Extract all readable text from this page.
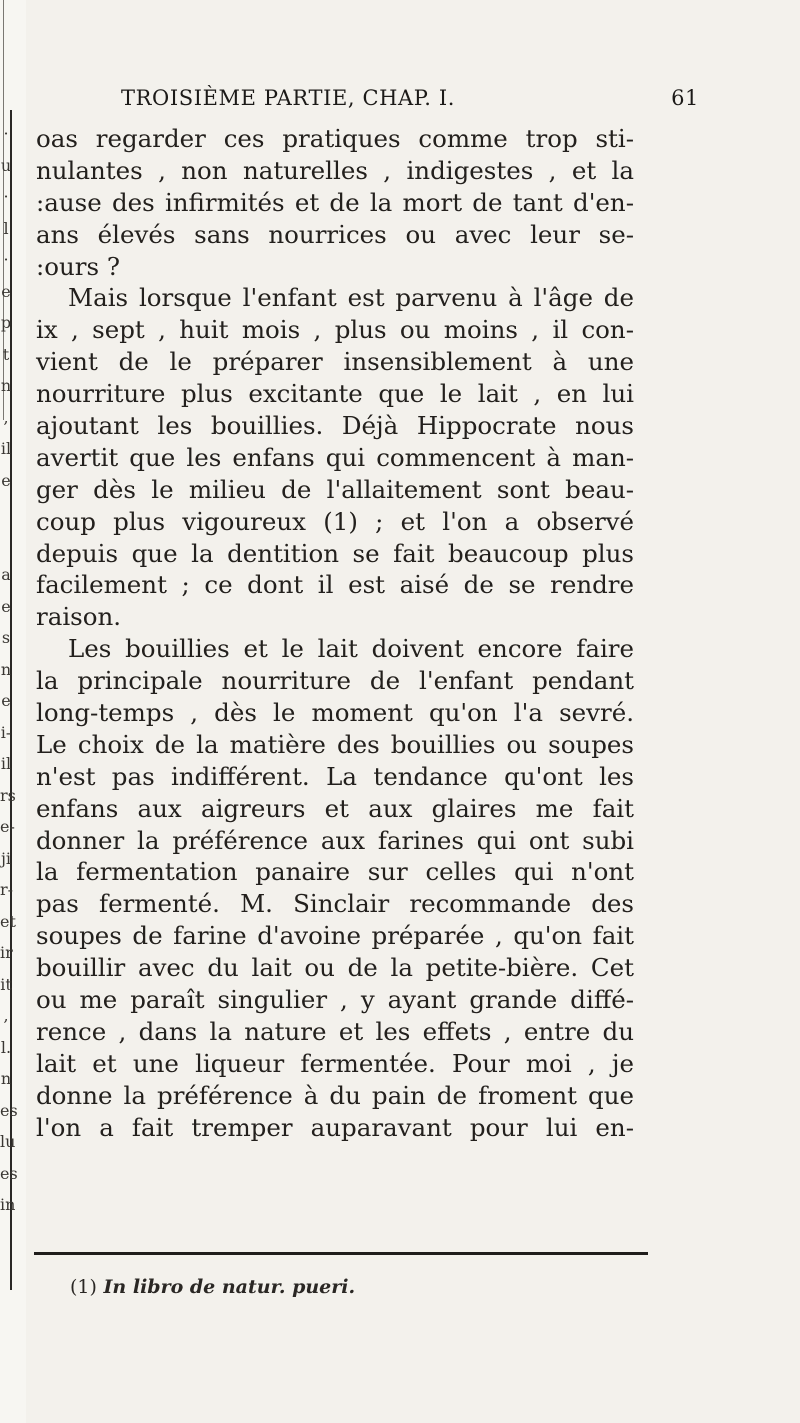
·
u
·
l
·
e
p
t
n
,
il
e
a
e
s
n
e
i-
il
rs
e-
ji
r-
et
ir
it
,
l.
n
es
lu
es
in
TROISIÈME PARTIE, CHAP. I.	61
oas regarder ces pratiques comme trop sti-
nulantes , non naturelles , indigestes , et la
:ause des infirmités et de la mort de tant d'en-
ans élevés sans nourrices ou avec leur se-
:ours ?
Mais lorsque l'enfant est parvenu à l'âge de
ix , sept , huit mois , plus ou moins , il con-
vient de le préparer insensiblement à une
nourriture plus excitante que le lait , en lui
ajoutant les bouillies. Déjà Hippocrate nous
avertit que les enfans qui commencent à man-
ger dès le milieu de l'allaitement sont beau-
coup plus vigoureux (1) ; et l'on a observé
depuis que la dentition se fait beaucoup plus
facilement ; ce dont il est aisé de se rendre
raison.
Les bouillies et le lait doivent encore faire
la principale nourriture de l'enfant pendant
long-temps , dès le moment qu'on l'a sevré.
Le choix de la matière des bouillies ou soupes
n'est pas indifférent. La tendance qu'ont les
enfans aux aigreurs et aux glaires me fait
donner la préférence aux farines qui ont subi
la fermentation panaire sur celles qui n'ont
pas fermenté. M. Sinclair recommande des
soupes de farine d'avoine préparée , qu'on fait
bouillir avec du lait ou de la petite-bière. Cet
ou me paraît singulier , y ayant grande diffé-
rence , dans la nature et les effets , entre du
lait et une liqueur fermentée. Pour moi , je
donne la préférence à du pain de froment que
l'on a fait tremper auparavant pour lui en-
(1) In libro de natur. pueri.
